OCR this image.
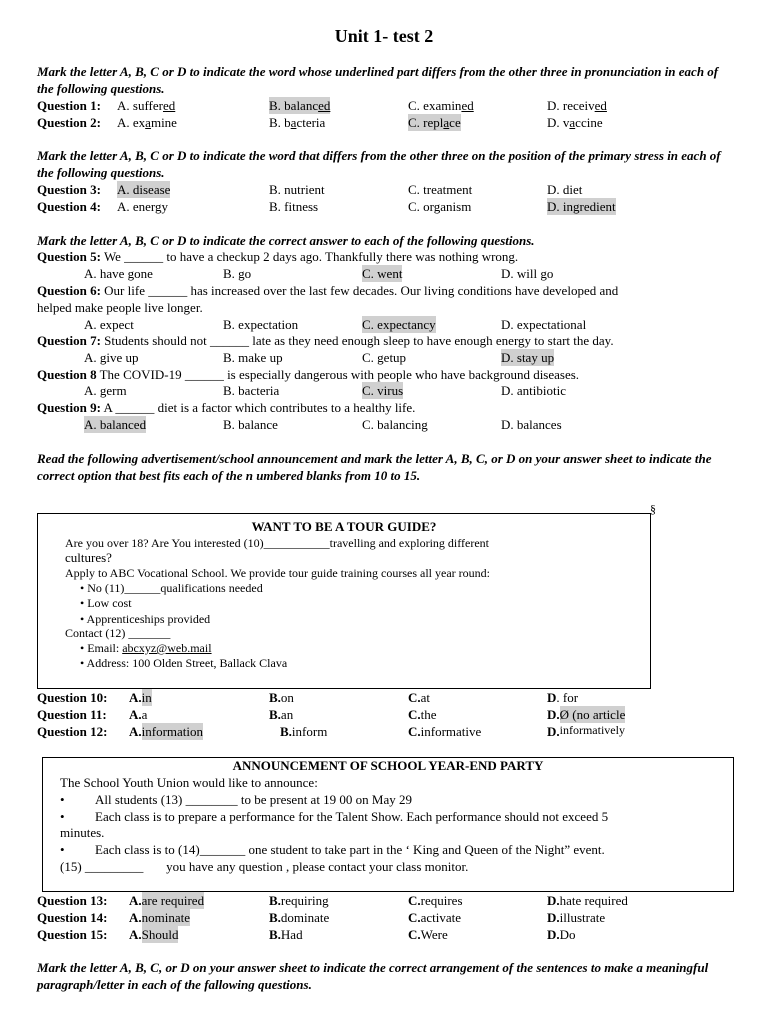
Unit 1- test 2
Mark the letter A, B, C or D to indicate the word whose underlined part differs from the other three in pronunciation in each of the following questions.
Question 1: A. suffered	B. balanced	C. examined	D. received
Question 2: A. examine	B. bacteria	C. replace	D. vaccine
Mark the letter A, B, C or D to indicate the word that differs from the other three on the position of the primary stress in each of the following questions.
Question 3: A. disease	B. nutrient	C. treatment	D. diet
Question 4: A. energy	B. fitness	C. organism	D. ingredient
Mark the letter A, B, C or D to indicate the correct answer to each of the following questions.
Question 5: We ______ to have a checkup 2 days ago. Thankfully there was nothing wrong.
A. have gone	B. go	C. went	D. will go
Question 6: Our life ______ has increased over the last few decades. Our living conditions have developed and
helped make people live longer.
A. expect	B. expectation	C. expectancy	D. expectational
Question 7: Students should not ______ late as they need enough sleep to have enough energy to start the day.
A. give up	B. make up	C. getup	D. stay up
Question 8 The COVID-19 ______ is especially dangerous with people who have background diseases.
A. germ	B. bacteria	C. virus	D. antibiotic
Question 9: A ______ diet is a factor which contributes to a healthy life.
A. balanced	B. balance	C. balancing	D. balances
Read the following advertisement/school announcement and mark the letter A, B, C, or D on your answer sheet to indicate the correct option that best fits each of the n umbered blanks from 10 to 15.
§
WANT TO BE A TOUR GUIDE?
Are you over 18? Are You interested (10)___________travelling and exploring different
cultures?
Apply to ABC Vocational School. We provide tour guide training courses all year round:
• No (11)______qualifications needed
• Low cost
• Apprenticeships provided
Contact (12) _______
• Email: abcxyz@web.mail
• Address: 100 Olden Street, Ballack Clava
Question 10: A. in	B. on	C. at	D . for
Question 11: A. a	B. an	C. the	D. Ø (no article
Question 12: A. information	B. inform	C. informative	D. informatively
ANNOUNCEMENT OF SCHOOL YEAR-END PARTY
The School Youth Union would like to announce:
• All students (13) ________ to be present at 19 00 on May 29
• Each class is to prepare a performance for the Talent Show. Each performance should not exceed 5
minutes.
• Each class is to (14)_______ one student to take part in the ‘ King and Queen of the Night” event.
(15) _________       you have any question , please contact your class monitor.
Question 13: A. are required	B. requiring	C. requires	D. hate required
Question 14: A. nominate	B. dominate	C. activate	D. illustrate
Question 15: A. Should	B. Had	C. Were	D. Do
Mark the letter A, B, C, or D on your answer sheet to indicate the correct arrangement of the sentences to make a meaningful paragraph/letter in each of the fallowing questions.
